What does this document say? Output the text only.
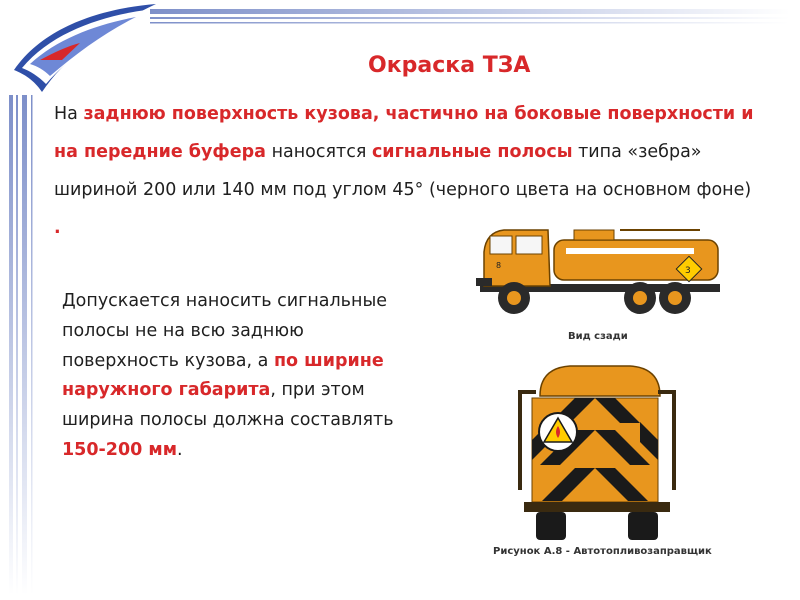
Окраска ТЗА
На заднюю поверхность кузова, частично на боковые поверхности и на передние буфера наносятся сигнальные полосы типа «зебра» шириной 200 или 140 мм под углом 45° (черного цвета на основном фоне) .
Допускается наносить сигнальные полосы не на всю заднюю поверхность кузова, а по ширине наружного габарита, при этом ширина полосы должна составлять 150-200 мм.
8
3
Вид сзади
Рисунок А.8 - Автотопливозаправщик
